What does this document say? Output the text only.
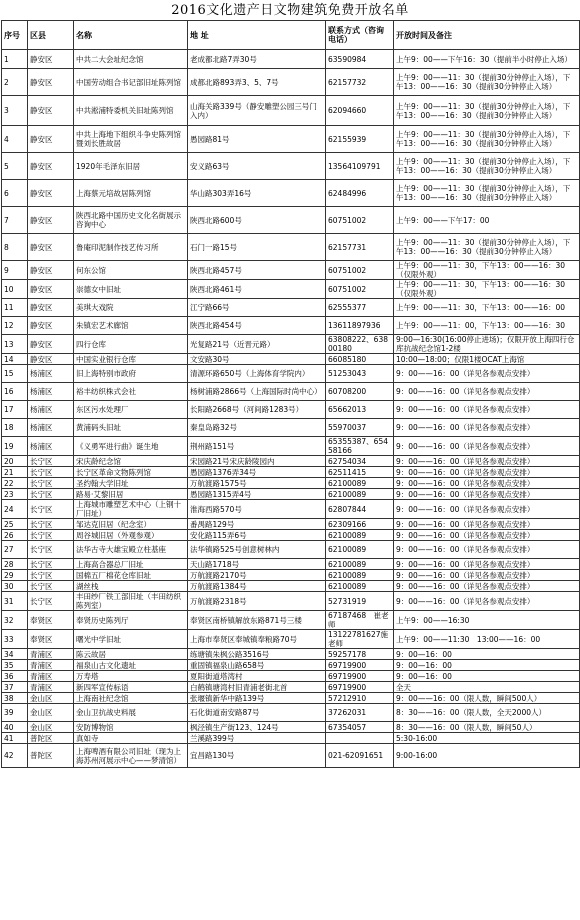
2016文化遗产日文物建筑免费开放名单
序号	区县	名称	地 址	联系方式（咨询电话）	开放时间及备注
1	静安区	中共二大会址纪念馆	老成都北路7弄30号	63590984	上午9：00——下午16：30（提前半小时停止入场）
2	静安区	中国劳动组合书记部旧址陈列馆	成都北路893弄3、5、7号	62157732	上午9：00——11：30（提前30分钟停止入场），下午13：00——16：30（提前30分钟停止入场）
3	静安区	中共淞浦特委机关旧址陈列馆	山海关路339号（静安雕塑公园三号门入内）	62094660	上午9：00——11：30（提前30分钟停止入场），下午13：00——16：30（提前30分钟停止入场）
4	静安区	中共上海地下组织斗争史陈列馆暨刘长胜故居	愚园路81号	62155939	上午9：00——11：30（提前30分钟停止入场），下午13：00——16：30（提前30分钟停止入场）
5	静安区	1920年毛泽东旧居	安义路63号	13564109791	上午9：00——11：30（提前30分钟停止入场），下午13：00——16：30（提前30分钟停止入场）
6	静安区	上海蔡元培故居陈列馆	华山路303弄16号	62484996	上午9：00——11：30（提前30分钟停止入场），下午13：00——16：30（提前30分钟停止入场）
7	静安区	陕西北路中国历史文化名街展示咨询中心	陕西北路600号	60751002	上午9：00——下午17：00
8	静安区	鲁庵印泥制作技艺传习所	石门一路15号	62157731	上午9：00——11：30（提前30分钟停止入场），下午13：00——16：30（提前30分钟停止入场）
9	静安区	何东公馆	陕西北路457号	60751002	上午9：00——11：30，下午13：00——16：30（仅限外观）
10	静安区	崇德女中旧址	陕西北路461号	60751002	上午9：00——11：30，下午13：00——16：30（仅限外观）
11	静安区	美琪大戏院	江宁路66号	62555377	上午9：00——11：30，下午13：00——16：00
12	静安区	朱镇宏艺术廊馆	陕西北路454号	13611897936	上午9：00——11：00，下午13：00——16：30
13	静安区	四行仓库	光复路21号（近晋元路）	63808222、63800180	9:00—16:30(16:00停止进场)；仅限开放上海四行仓库抗战纪念馆1-2楼
14	静安区	中国实业银行仓库	文安路30号	66085180	10:00—18:00；仅限1楼OCAT上海馆
15	杨浦区	旧上海特别市政府	清源环路650号（上海体育学院内）	51253043	9：00——16：00（详见各参观点安排）
16	杨浦区	裕丰纺织株式会社	杨树浦路2866号（上海国际时尚中心）	60708200	9：00——16：00（详见各参观点安排）
17	杨浦区	东区污水处理厂	长阳路2668号（河间路1283号）	65662013	9：00——16：00（详见各参观点安排）
18	杨浦区	黄浦码头旧址	秦皇岛路32号	55970037	9：00——16：00（详见各参观点安排）
19	杨浦区	《义勇军进行曲》诞生地	荆州路151号	65355387、65458166	9：00——16：00（详见各参观点安排）
20	长宁区	宋庆龄纪念馆	宋园路21号宋庆龄陵园内	62754034	9：00——16：00（详见各参观点安排）
21	长宁区	长宁区革命文物陈列馆	愚园路1376弄34号	62511415	9：00——16：00（详见各参观点安排）
22	长宁区	圣约翰大学旧址	万航渡路1575号	62100089	9：00——16：00（详见各参观点安排）
23	长宁区	路易·艾黎旧居	愚园路1315弄4号	62100089	9：00——16：00（详见各参观点安排）
24	长宁区	上海城市雕塑艺术中心（上钢十厂旧址）	淮海西路570号	62807844	9：00——16：00（详见各参观点安排）
25	长宁区	邹达克旧居（纪念室）	番禺路129号	62309166	9：00——16：00（详见各参观点安排）
26	长宁区	周谷城旧居（外观参观）	安化路115弄6号	62100089	9：00——16：00（详见各参观点安排）
27	长宁区	法华古寺大雄宝殿立柱基座	法华镇路525号创意树林内	62100089	9：00——16：00（详见各参观点安排）
28	长宁区	上海高合器总厂旧址	天山路1718号	62100089	9：00——16：00（详见各参观点安排）
29	长宁区	国棉五厂棉花仓库旧址	万航渡路2170号	62100089	9：00——16：00（详见各参观点安排）
30	长宁区	湖丝栈	万航渡路1384号	62100089	9：00——16：00（详见各参观点安排）
31	长宁区	丰田纱厂铁工部旧址（丰田纺织陈列室）	万航渡路2318号	52731919	9：00——16：00（详见各参观点安排）
32	奉贤区	奉贤历史陈列厅	奉贤区南桥镇解放东路871号三楼	67187468　崔老师	上午9：00——16:30
33	奉贤区	曙光中学旧址	上海市奉贤区奉城镇奉粮路70号	13122781627施老师	上午9：00——11:30　13:00——16：00
34	青浦区	陈云故居	练塘镇朱枫公路3516号	59257178	9：00—16：00
35	青浦区	福泉山古文化遗址	重固镇福泉山路658号	69719900	9：00—16：00
36	青浦区	万寿塔	夏阳街道塔湾村	69719900	9：00—16：00
37	青浦区	新四军宣传标语	白鹤镇塘湾村旧青浦老街北首	69719900	全天
38	金山区	上海南社纪念馆	张堰镇新华中路139号	57212910	9：00——16：00（限人数，瞬间500人）
39	金山区	金山卫抗战史料展	石化街道南安路87号	37262031	8：30——16：00（限人数，全天2000人）
40	金山区	安防博物馆	枫泾镇生产街123、124号	67354057	8：30——16：00（限人数，瞬间50人）
41	普陀区	真如寺	兰溪路399号		5:30-16:00
42	普陀区	上海啤酒有限公司旧址（现为上海苏州河展示中心——梦清馆）	宜昌路130号	021-62091651	9:00-16:00
